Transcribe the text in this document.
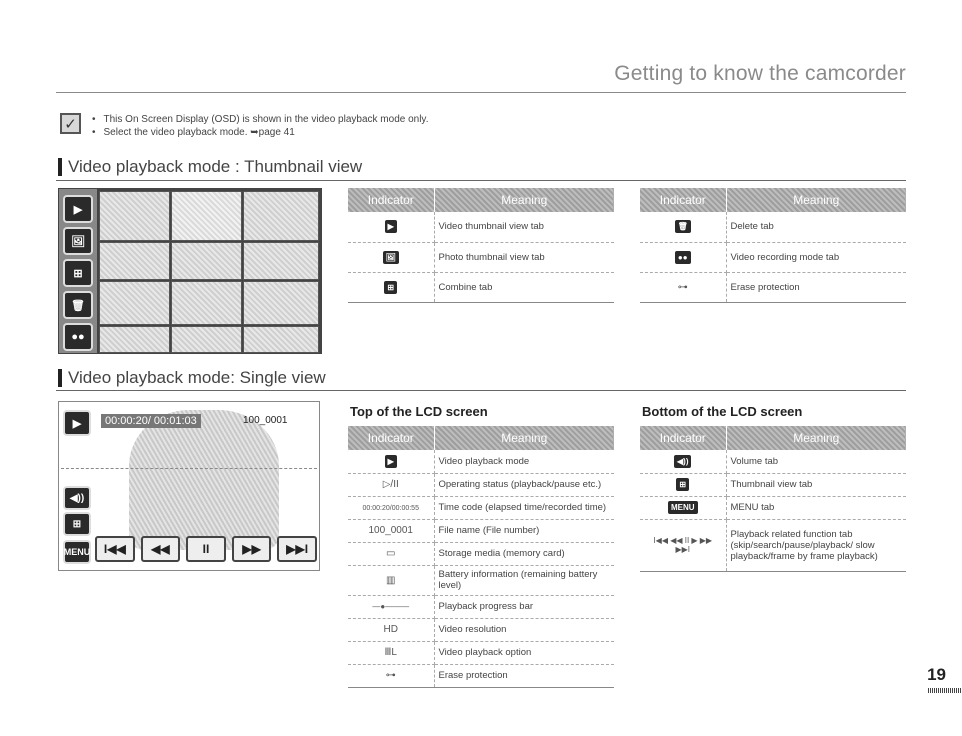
Getting to know the camcorder
✓	• This On Screen Display (OSD) is shown in the video playback mode only.
• Select the video playback mode. ➥page 41
Video playback mode : Thumbnail view
▶
🖼
⊞
🗑
●●
Indicator	Meaning
▶	Video thumbnail view tab
🖼	Photo thumbnail view tab
⊞	Combine tab
Indicator	Meaning
🗑	Delete tab
●●	Video recording mode tab
⊶	Erase protection
Video playback mode: Single view
▶	00:00:20/ 00:01:03	100_0001
◀))
⊞
MENU	I◀◀	◀◀	II	▶▶	▶▶I
Top of the LCD screen
Indicator	Meaning
▶	Video playback mode
▷/II	Operating status (playback/pause etc.)
00:00:20/00:00:55	Time code (elapsed time/recorded time)
100_0001	File name (File number)
▭	Storage media (memory card)
▥	Battery information (remaining battery level)
—●———	Playback progress bar
HD	Video resolution
ⅢL	Video playback option
⊶	Erase protection
Bottom of the LCD screen
Indicator	Meaning
◀))	Volume tab
⊞	Thumbnail view tab
MENU	MENU tab
I◀◀ ◀◀ II ▶ ▶▶ ▶▶I	Playback related function tab (skip/search/pause/playback/ slow playback/frame by frame playback)
19
